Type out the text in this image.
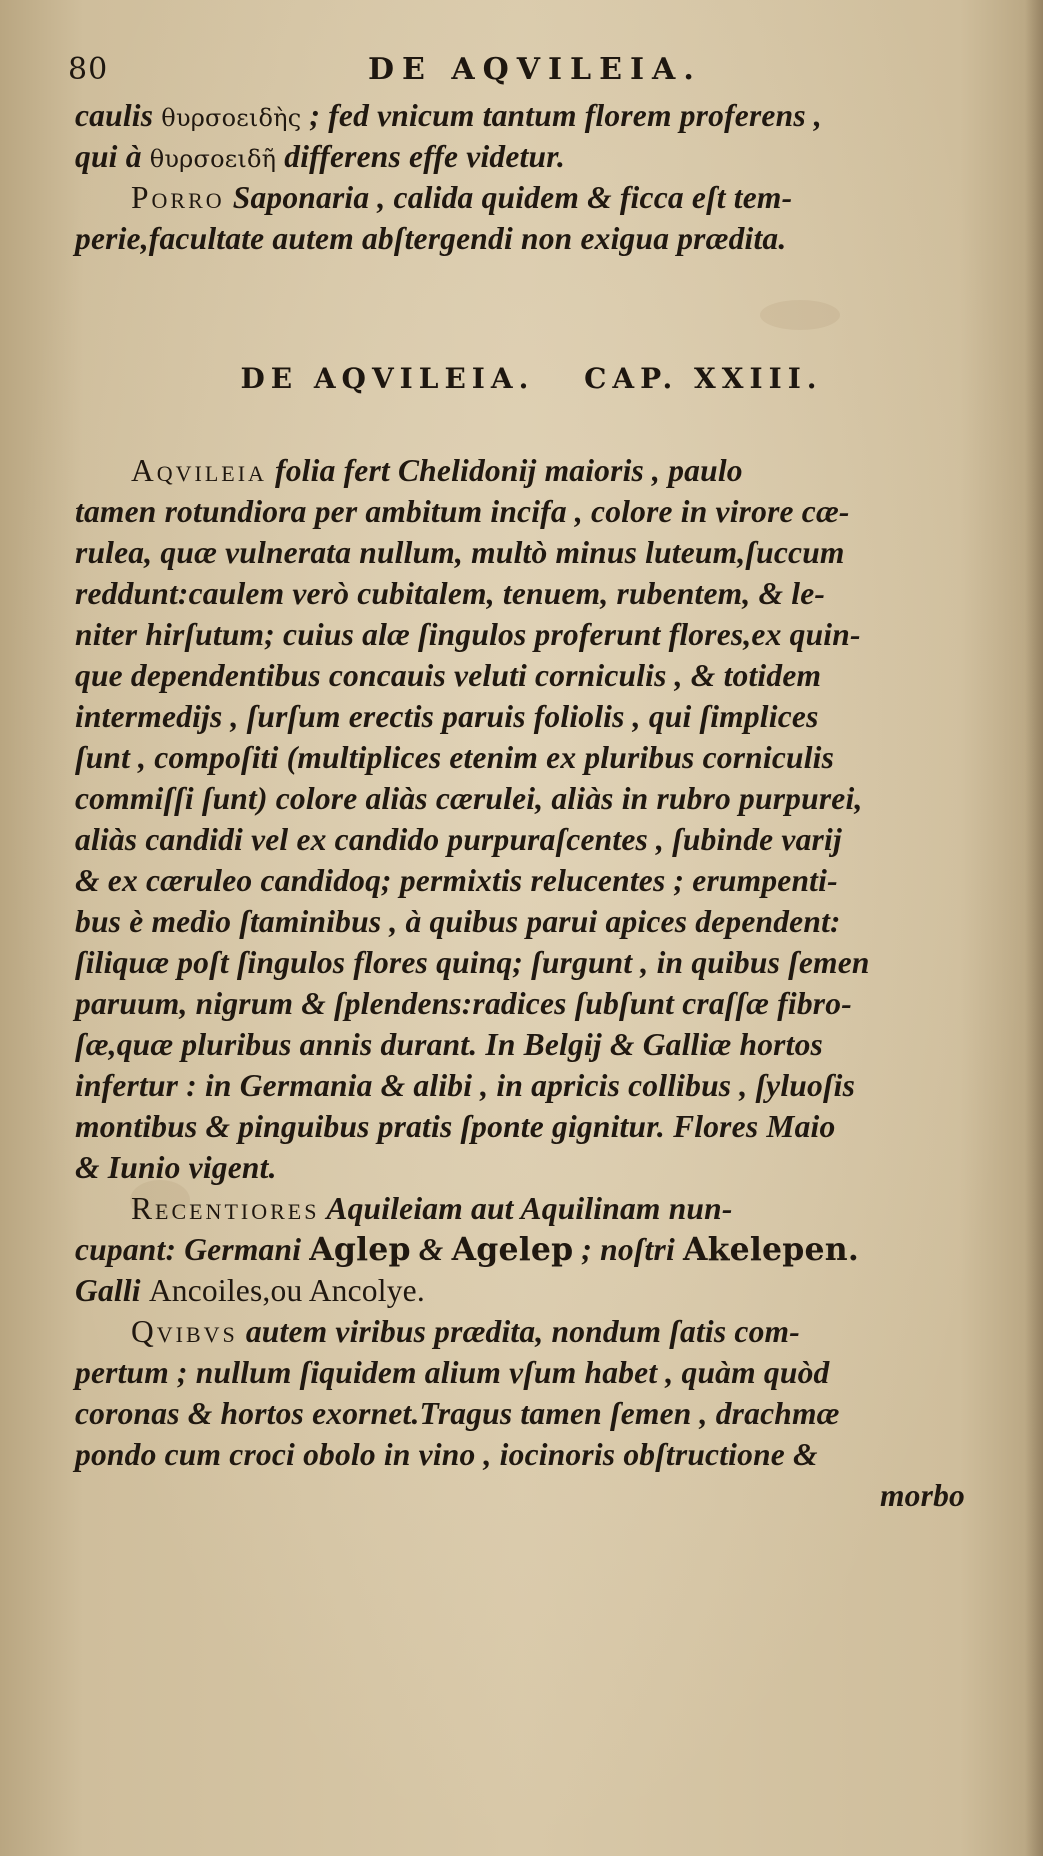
80	DE AQVILEIA.
caulis θυρσοειδὴς ; fed vnicum tantum florem proferens ,
qui à θυρσοειδῆ differens effe videtur.
Porro Saponaria , calida quidem & ficca eſt tem-
perie,facultate autem abſtergendi non exigua prædita.
DE AQVILEIA. CAP. XXIII.
Aqvileia folia fert Chelidonij maioris , paulo
tamen rotundiora per ambitum incifa , colore in virore cæ-
rulea, quæ vulnerata nullum, multò minus luteum,ſuccum
reddunt:caulem verò cubitalem, tenuem, rubentem, & le-
niter hirſutum; cuius alæ ſingulos proferunt flores,ex quin-
que dependentibus concauis veluti corniculis , & totidem
intermedijs , ſurſum erectis paruis foliolis , qui ſimplices
ſunt , compoſiti (multiplices etenim ex pluribus corniculis
commiſſi ſunt) colore aliàs cærulei, aliàs in rubro purpurei,
aliàs candidi vel ex candido purpuraſcentes , ſubinde varij
& ex cæruleo candidoq; permixtis relucentes ; erumpenti-
bus è medio ſtaminibus , à quibus parui apices dependent:
ſiliquæ poſt ſingulos flores quinq; ſurgunt , in quibus ſemen
paruum, nigrum & ſplendens:radices ſubſunt craſſæ fibro-
ſæ,quæ pluribus annis durant. In Belgij & Galliæ hortos
infertur : in Germania & alibi , in apricis collibus , ſyluoſis
montibus & pinguibus pratis ſponte gignitur. Flores Maio
& Iunio vigent.
Recentiores Aquileiam aut Aquilinam nun-
cupant: Germani Aglep & Agelep ; noſtri Akelepen.
Galli Ancoiles,ou Ancolye.
Qvibvs autem viribus prædita, nondum ſatis com-
pertum ; nullum ſiquidem alium vſum habet , quàm quòd
coronas & hortos exornet.Tragus tamen ſemen , drachmæ
pondo cum croci obolo in vino , iocinoris obſtructione &
morbo
